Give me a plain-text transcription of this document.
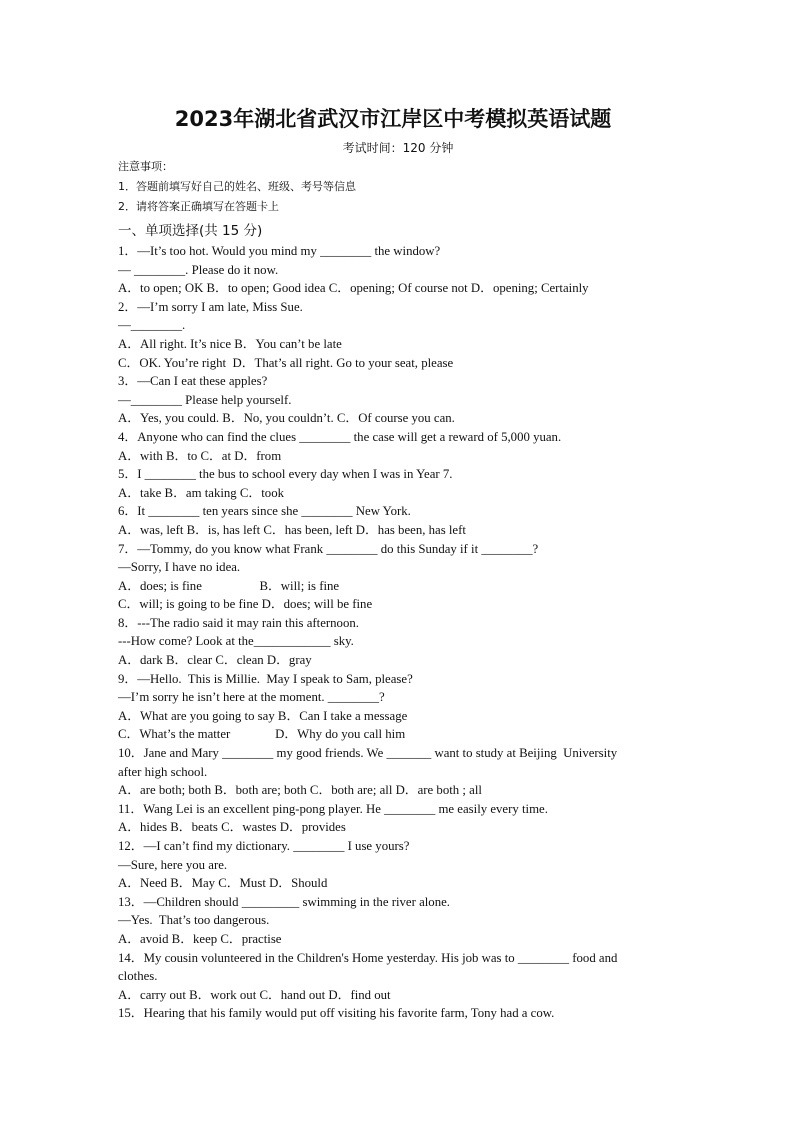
2023年湖北省武汉市江岸区中考模拟英语试题
考试时间：120 分钟
注意事项：
1．答题前填写好自己的姓名、班级、考号等信息
2．请将答案正确填写在答题卡上
一、单项选择(共 15 分)
1．—It’s too hot. Would you mind my ________ the window?
— ________. Please do it now.
A．to open; OK B．to open; Good idea C．opening; Of course not D．opening; Certainly
2．—I’m sorry I am late, Miss Sue.
—________.
A．All right. It’s nice B．You can’t be late
C．OK. You’re right  D．That’s all right. Go to your seat, please
3．—Can I eat these apples?
—________ Please help yourself.
A．Yes, you could. B．No, you couldn’t. C．Of course you can.
4．Anyone who can find the clues ________ the case will get a reward of 5,000 yuan.
A．with B．to C．at D．from
5．I ________ the bus to school every day when I was in Year 7.
A．take B．am taking C．took
6．It ________ ten years since she ________ New York.
A．was, left B．is, has left C．has been, left D．has been, has left
7．—Tommy, do you know what Frank ________ do this Sunday if it ________?
—Sorry, I have no idea.
A．does; is fine                  B．will; is fine
C．will; is going to be fine D．does; will be fine
8．---The radio said it may rain this afternoon.
---How come? Look at the____________ sky.
A．dark B．clear C．clean D．gray
9．—Hello.  This is Millie.  May I speak to Sam, please?
—I’m sorry he isn’t here at the moment. ________?
A．What are you going to say B．Can I take a message
C．What’s the matter              D．Why do you call him
10．Jane and Mary ________ my good friends. We _______ want to study at Beijing  University
after high school.
A．are both; both B．both are; both C．both are; all D．are both ; all
11．Wang Lei is an excellent ping-pong player. He ________ me easily every time.
A．hides B．beats C．wastes D．provides
12．—I can’t find my dictionary. ________ I use yours?
—Sure, here you are.
A．Need B．May C．Must D．Should
13．—Children should _________ swimming in the river alone.
—Yes.  That’s too dangerous.
A．avoid B．keep C．practise
14．My cousin volunteered in the Children's Home yesterday. His job was to ________ food and
clothes.
A．carry out B．work out C．hand out D．find out
15．Hearing that his family would put off visiting his favorite farm, Tony had a cow.
